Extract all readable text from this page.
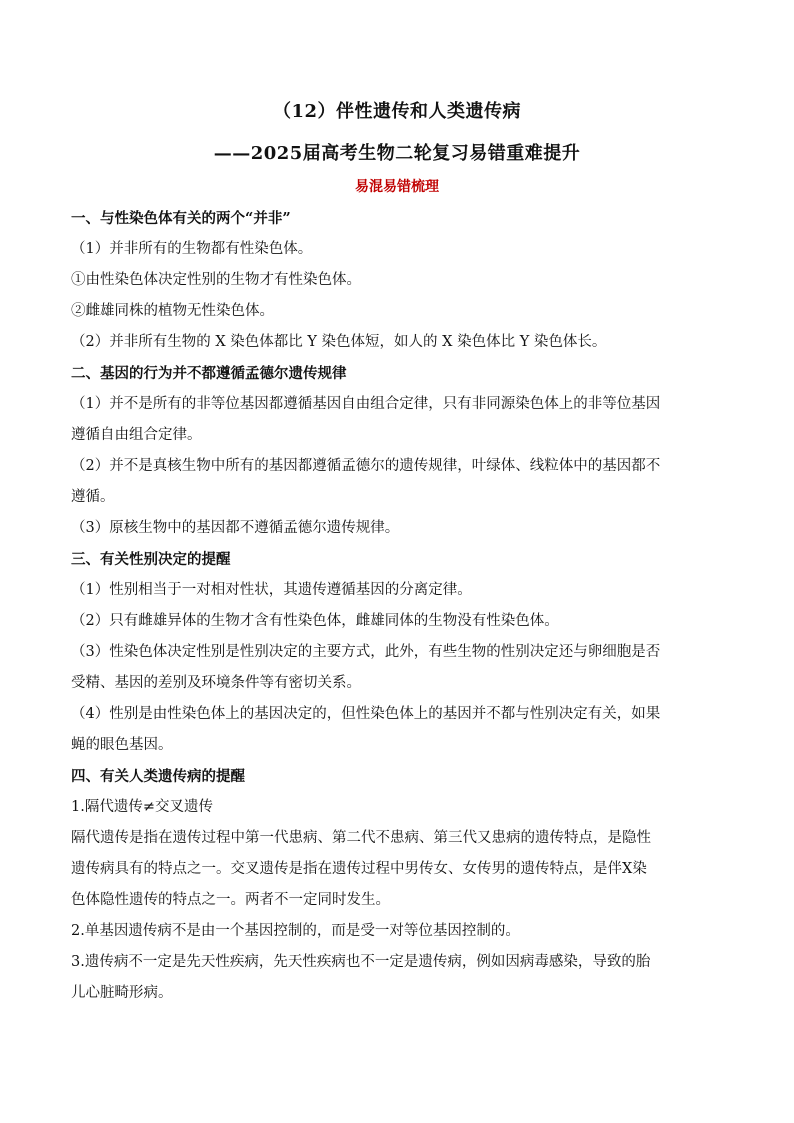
（12）伴性遗传和人类遗传病
——2025届高考生物二轮复习易错重难提升
易混易错梳理

一、与性染色体有关的两个“并非”

（1）并非所有的生物都有性染色体。

①由性染色体决定性别的生物才有性染色体。

②雌雄同株的植物无性染色体。

（2）并非所有生物的 X 染色体都比 Y 染色体短，如人的 X 染色体比 Y 染色体长。

二、基因的行为并不都遵循孟德尔遗传规律

（1）并不是所有的非等位基因都遵循基因自由组合定律，只有非同源染色体上的非等位基因

遵循自由组合定律。

（2）并不是真核生物中所有的基因都遵循孟德尔的遗传规律，叶绿体、线粒体中的基因都不

遵循。

（3）原核生物中的基因都不遵循孟德尔遗传规律。

三、有关性别决定的提醒

（1）性别相当于一对相对性状，其遗传遵循基因的分离定律。

（2）只有雌雄异体的生物才含有性染色体，雌雄同体的生物没有性染色体。

（3）性染色体决定性别是性别决定的主要方式，此外，有些生物的性别决定还与卵细胞是否

受精、基因的差别及环境条件等有密切关系。

（4）性别是由性染色体上的基因决定的，但性染色体上的基因并不都与性别决定有关，如果

蝇的眼色基因。

四、有关人类遗传病的提醒

1.隔代遗传≠交叉遗传

隔代遗传是指在遗传过程中第一代患病、第二代不患病、第三代又患病的遗传特点，是隐性

遗传病具有的特点之一。交叉遗传是指在遗传过程中男传女、女传男的遗传特点，是伴X染

色体隐性遗传的特点之一。两者不一定同时发生。

2.单基因遗传病不是由一个基因控制的，而是受一对等位基因控制的。

3.遗传病不一定是先天性疾病，先天性疾病也不一定是遗传病，例如因病毒感染，导致的胎

儿心脏畸形病。
